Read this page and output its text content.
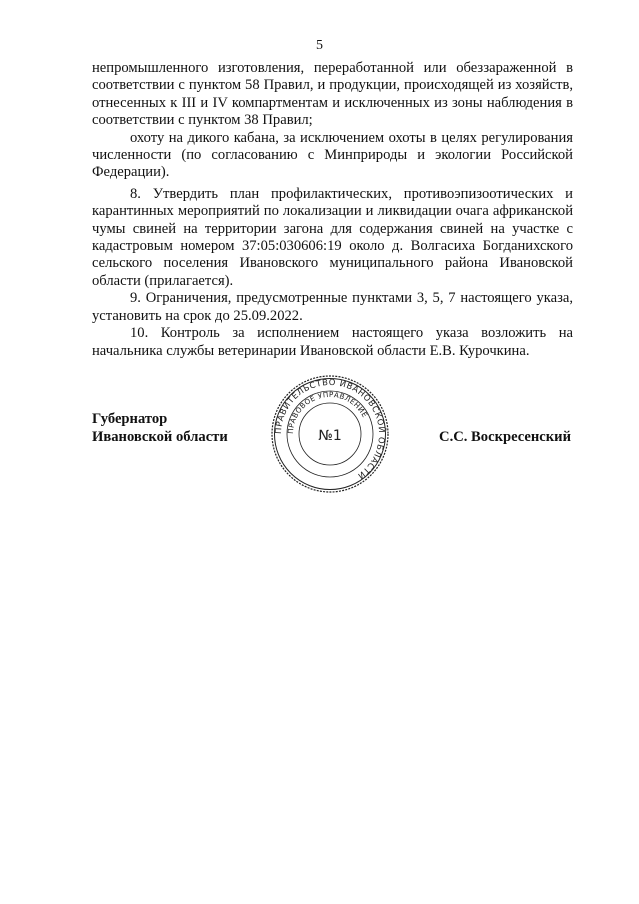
5

непромышленного изготовления, переработанной или обеззараженной в соответствии с пунктом 58 Правил, и продукции, происходящей из хозяйств, отнесенных к III и IV компартментам и исключенных из зоны наблюдения в соответствии с пунктом 38 Правил;

охоту на дикого кабана, за исключением охоты в целях регулирования численности (по согласованию с Минприроды и экологии Российской Федерации).

8. Утвердить план профилактических, противоэпизоотических и карантинных мероприятий по локализации и ликвидации очага африканской чумы свиней на территории загона для содержания свиней на участке с кадастровым номером 37:05:030606:19 около д. Волгасиха Богданихского сельского поселения Ивановского муниципального района Ивановской области (прилагается).

9. Ограничения, предусмотренные пунктами 3, 5, 7 настоящего указа, установить на срок до 25.09.2022.

10. Контроль за исполнением настоящего указа возложить на начальника службы ветеринарии Ивановской области Е.В. Курочкина.

Губернатор
Ивановской области	ПРАВИТЕЛЬСТВО ИВАНОВСКОЙ ОБЛАСТИ
ПРАВОВОЕ УПРАВЛЕНИЕ
№1	С.С. Воскресенский
